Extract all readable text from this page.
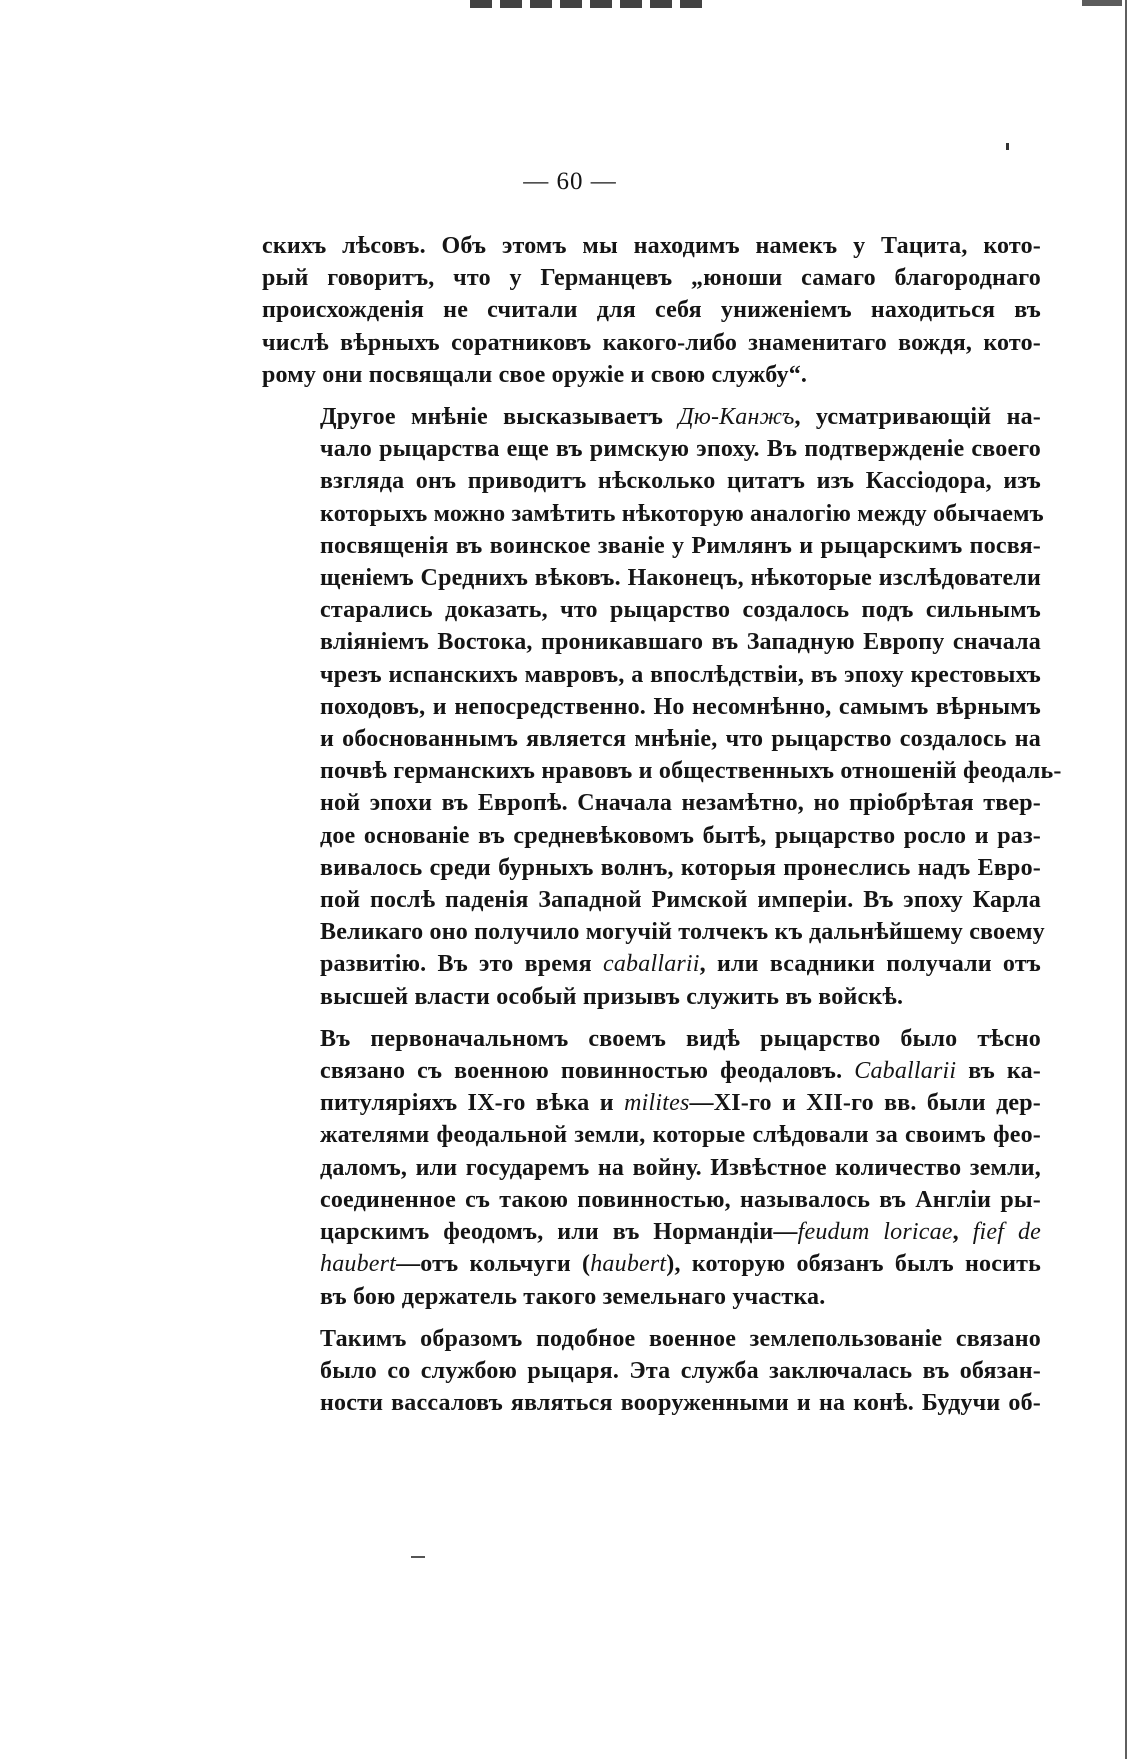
— 60 —

скихъ лѣсовъ. Объ этомъ мы находимъ намекъ у Тацита, кото-
рый говоритъ, что у Германцевъ „юноши самаго благороднаго
происхожденія не считали для себя униженіемъ находиться въ
числѣ вѣрныхъ соратниковъ какого-либо знаменитаго вождя, кото-
рому они посвящали свое оружіе и свою службу“.

Другое мнѣніе высказываетъ Дю-Канжъ, усматривающій на-
чало рыцарства еще въ римскую эпоху. Въ подтвержденіе своего
взгляда онъ приводитъ нѣсколько цитатъ изъ Кассіодора, изъ
которыхъ можно замѣтить нѣкоторую аналогію между обычаемъ
посвященія въ воинское званіе у Римлянъ и рыцарскимъ посвя-
щеніемъ Среднихъ вѣковъ. Наконецъ, нѣкоторые изслѣдователи
старались доказать, что рыцарство создалось подъ сильнымъ
вліяніемъ Востока, проникавшаго въ Западную Европу сначала
чрезъ испанскихъ мавровъ, а впослѣдствіи, въ эпоху крестовыхъ
походовъ, и непосредственно. Но несомнѣнно, самымъ вѣрнымъ
и обоснованнымъ является мнѣніе, что рыцарство создалось на
почвѣ германскихъ нравовъ и общественныхъ отношеній феодаль-
ной эпохи въ Европѣ. Сначала незамѣтно, но пріобрѣтая твер-
дое основаніе въ средневѣковомъ бытѣ, рыцарство росло и раз-
вивалось среди бурныхъ волнъ, которыя пронеслись надъ Евро-
пой послѣ паденія Западной Римской имперіи. Въ эпоху Карла
Великаго оно получило могучій толчекъ къ дальнѣйшему своему
развитію. Въ это время caballarii, или всадники получали отъ
высшей власти особый призывъ служить въ войскѣ.

Въ первоначальномъ своемъ видѣ рыцарство было тѣсно
связано съ военною повинностью феодаловъ. Caballarii въ ка-
питуляріяхъ IX-го вѣка и milites—XI-го и XII-го вв. были дер-
жателями феодальной земли, которые слѣдовали за своимъ фео-
даломъ, или государемъ на войну. Извѣстное количество земли,
соединенное съ такою повинностью, называлось въ Англіи ры-
царскимъ феодомъ, или въ Нормандіи—feudum loricae, fief de
haubert—отъ кольчуги (haubert), которую обязанъ былъ носить
въ бою держатель такого земельнаго участка.

Такимъ образомъ подобное военное землепользованіе связано
было со службою рыцаря. Эта служба заключалась въ обязан-
ности вассаловъ являться вооруженными и на конѣ. Будучи об-
